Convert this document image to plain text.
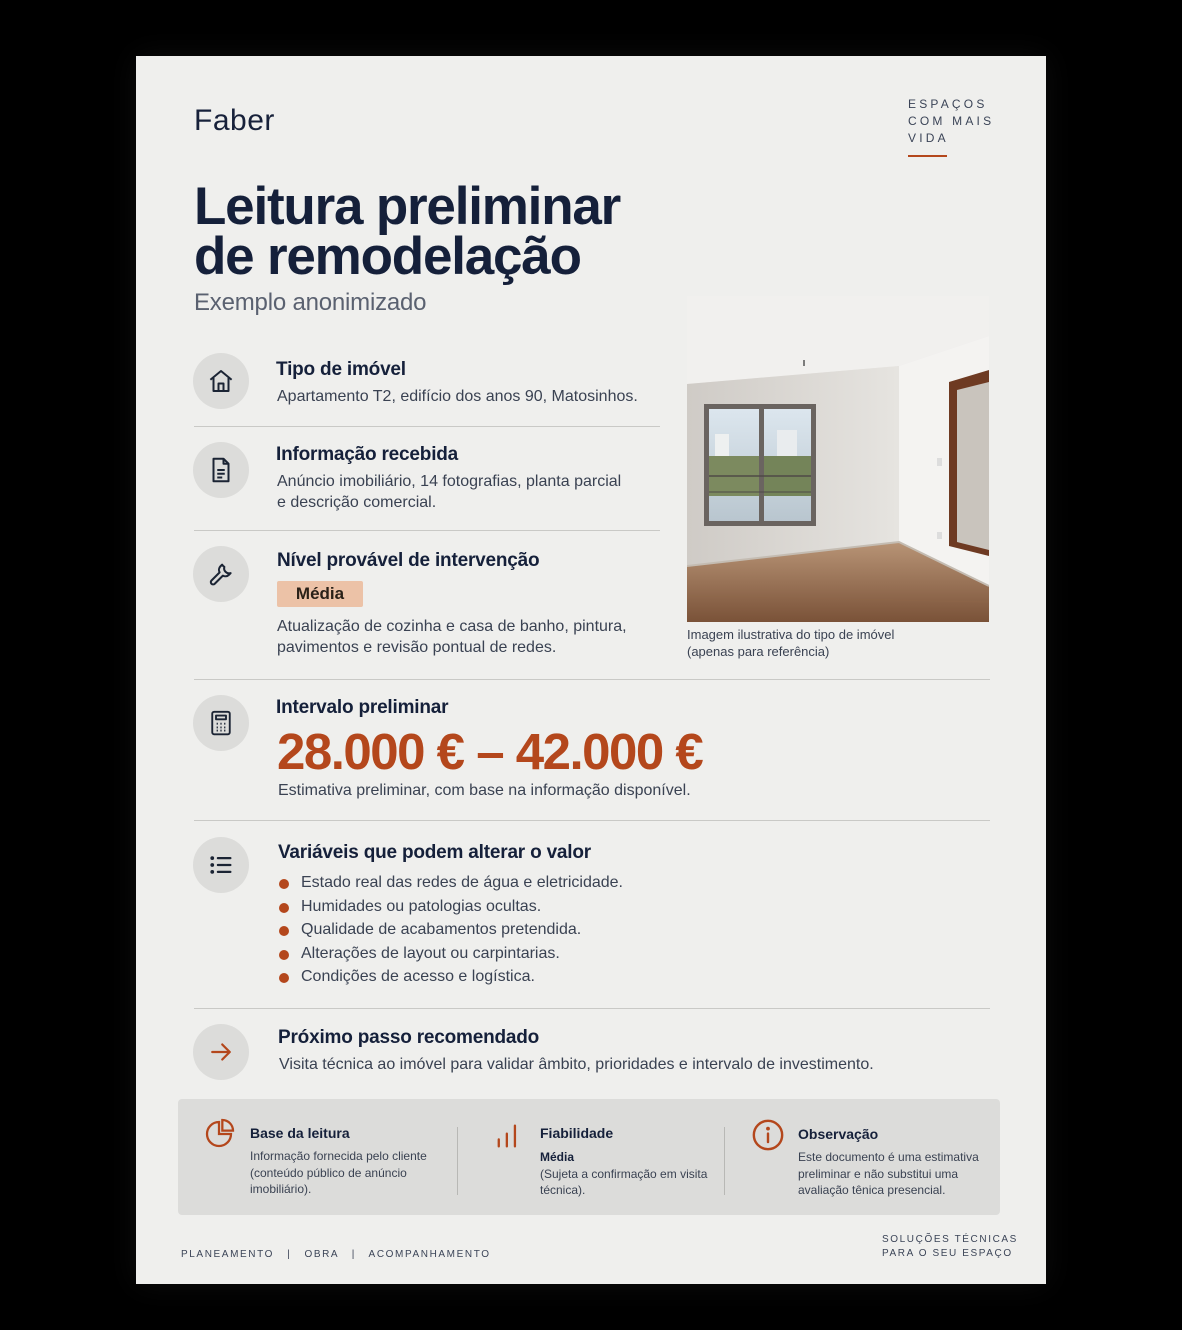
Faber	ESPAÇOS
COM MAIS
VIDA
Leitura preliminar
de remodelação
Exemplo anonimizado
Tipo de imóvel
Apartamento T2, edifício dos anos 90, Matosinhos.
Informação recebida
Anúncio imobiliário, 14 fotografias, planta parcial
e descrição comercial.
Nível provável de intervenção
Média
Atualização de cozinha e casa de banho, pintura,
pavimentos e revisão pontual de redes.
Imagem ilustrativa do tipo de imóvel
(apenas para referência)
Intervalo preliminar
28.000 € – 42.000 €
Estimativa preliminar, com base na informação disponível.
Variáveis que podem alterar o valor
Estado real das redes de água e eletricidade.
Humidades ou patologias ocultas.
Qualidade de acabamentos pretendida.
Alterações de layout ou carpintarias.
Condições de acesso e logística.
Próximo passo recomendado
Visita técnica ao imóvel para validar âmbito, prioridades e intervalo de investimento.
Base da leitura
Informação fornecida pelo cliente
(conteúdo público de anúncio
imobiliário).
Fiabilidade
Média
(Sujeta a confirmação em visita
técnica).
Observação
Este documento é uma estimativa
preliminar e não substitui uma
avaliação tênica presencial.
PLANEAMENTO   |   OBRA   |   ACOMPANHAMENTO
SOLUÇÕES TÉCNICAS
PARA O SEU ESPAÇO
